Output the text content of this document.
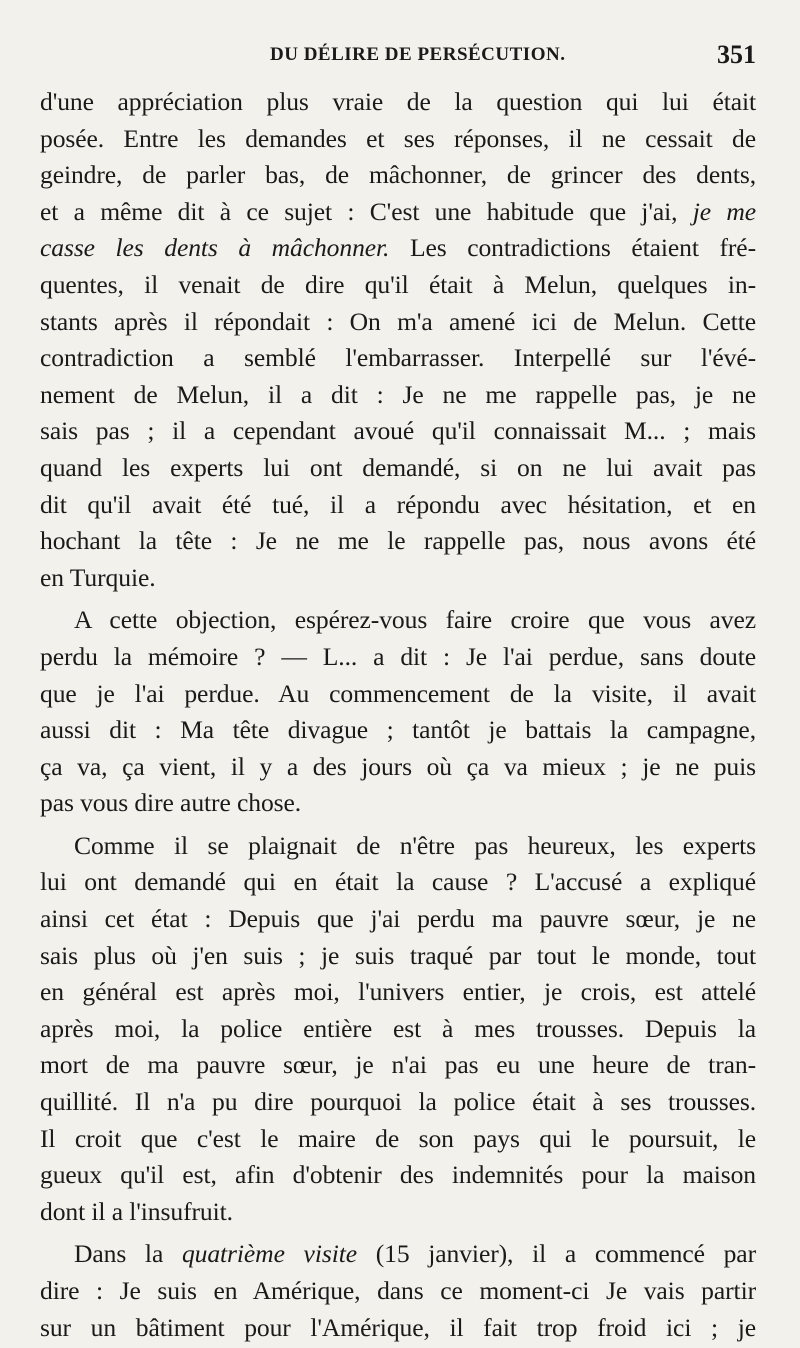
DU DÉLIRE DE PERSÉCUTION.	351
d'une appréciation plus vraie de la question qui lui était
posée. Entre les demandes et ses réponses, il ne cessait de
geindre, de parler bas, de mâchonner, de grincer des dents,
et a même dit à ce sujet : C'est une habitude que j'ai, je me
casse les dents à mâchonner. Les contradictions étaient fré-
quentes, il venait de dire qu'il était à Melun, quelques in-
stants après il répondait : On m'a amené ici de Melun. Cette
contradiction a semblé l'embarrasser. Interpellé sur l'évé-
nement de Melun, il a dit : Je ne me rappelle pas, je ne
sais pas ; il a cependant avoué qu'il connaissait M... ; mais
quand les experts lui ont demandé, si on ne lui avait pas
dit qu'il avait été tué, il a répondu avec hésitation, et en
hochant la tête : Je ne me le rappelle pas, nous avons été
en Turquie.
A cette objection, espérez-vous faire croire que vous avez
perdu la mémoire ? — L... a dit : Je l'ai perdue, sans doute
que je l'ai perdue. Au commencement de la visite, il avait
aussi dit : Ma tête divague ; tantôt je battais la campagne,
ça va, ça vient, il y a des jours où ça va mieux ; je ne puis
pas vous dire autre chose.
Comme il se plaignait de n'être pas heureux, les experts
lui ont demandé qui en était la cause ? L'accusé a expliqué
ainsi cet état : Depuis que j'ai perdu ma pauvre sœur, je ne
sais plus où j'en suis ; je suis traqué par tout le monde, tout
en général est après moi, l'univers entier, je crois, est attelé
après moi, la police entière est à mes trousses. Depuis la
mort de ma pauvre sœur, je n'ai pas eu une heure de tran-
quillité. Il n'a pu dire pourquoi la police était à ses trousses.
Il croit que c'est le maire de son pays qui le poursuit, le
gueux qu'il est, afin d'obtenir des indemnités pour la maison
dont il a l'insufruit.
Dans la quatrième visite (15 janvier), il a commencé par
dire : Je suis en Amérique, dans ce moment-ci Je vais partir
sur un bâtiment pour l'Amérique, il fait trop froid ici ; je
